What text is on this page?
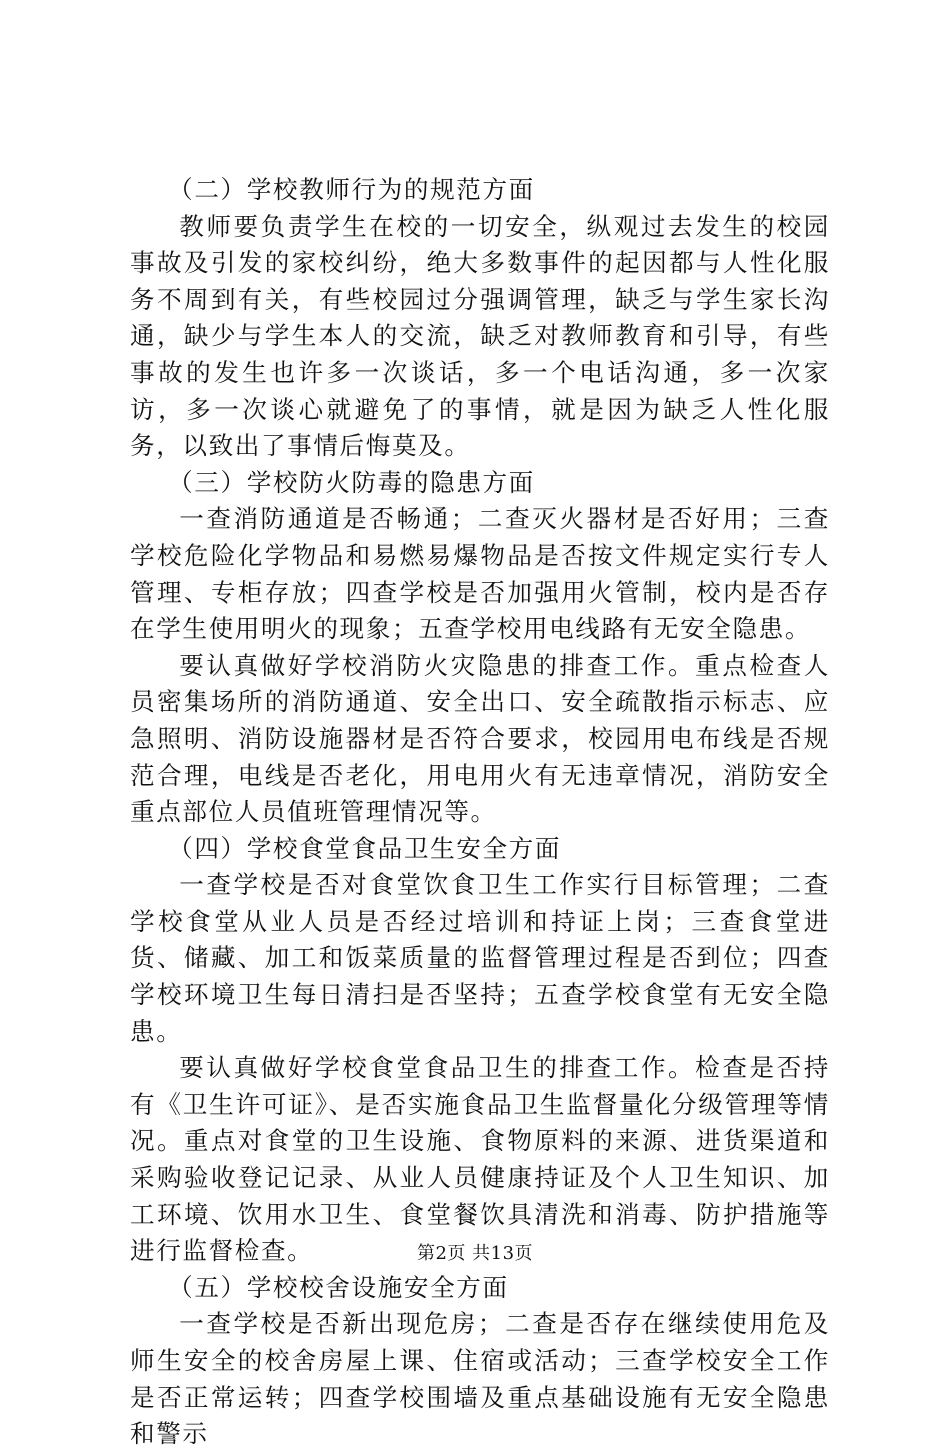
（二）学校教师行为的规范方面

教师要负责学生在校的一切安全，纵观过去发生的校园事故及引发的家校纠纷，绝大多数事件的起因都与人性化服务不周到有关，有些校园过分强调管理，缺乏与学生家长沟通，缺少与学生本人的交流，缺乏对教师教育和引导，有些事故的发生也许多一次谈话，多一个电话沟通，多一次家访，多一次谈心就避免了的事情，就是因为缺乏人性化服务，以致出了事情后悔莫及。

（三）学校防火防毒的隐患方面

一查消防通道是否畅通；二查灭火器材是否好用；三查学校危险化学物品和易燃易爆物品是否按文件规定实行专人管理、专柜存放；四查学校是否加强用火管制，校内是否存在学生使用明火的现象；五查学校用电线路有无安全隐患。

要认真做好学校消防火灾隐患的排查工作。重点检查人员密集场所的消防通道、安全出口、安全疏散指示标志、应急照明、消防设施器材是否符合要求，校园用电布线是否规范合理，电线是否老化，用电用火有无违章情况，消防安全重点部位人员值班管理情况等。

（四）学校食堂食品卫生安全方面

一查学校是否对食堂饮食卫生工作实行目标管理；二查学校食堂从业人员是否经过培训和持证上岗；三查食堂进货、储藏、加工和饭菜质量的监督管理过程是否到位；四查学校环境卫生每日清扫是否坚持；五查学校食堂有无安全隐患。

要认真做好学校食堂食品卫生的排查工作。检查是否持有《卫生许可证》、是否实施食品卫生监督量化分级管理等情况。重点对食堂的卫生设施、食物原料的来源、进货渠道和采购验收登记记录、从业人员健康持证及个人卫生知识、加工环境、饮用水卫生、食堂餐饮具清洗和消毒、防护措施等进行监督检查。

（五）学校校舍设施安全方面

一查学校是否新出现危房；二查是否存在继续使用危及师生安全的校舍房屋上课、住宿或活动；三查学校安全工作是否正常运转；四查学校围墙及重点基础设施有无安全隐患和警示

第2页 共13页
